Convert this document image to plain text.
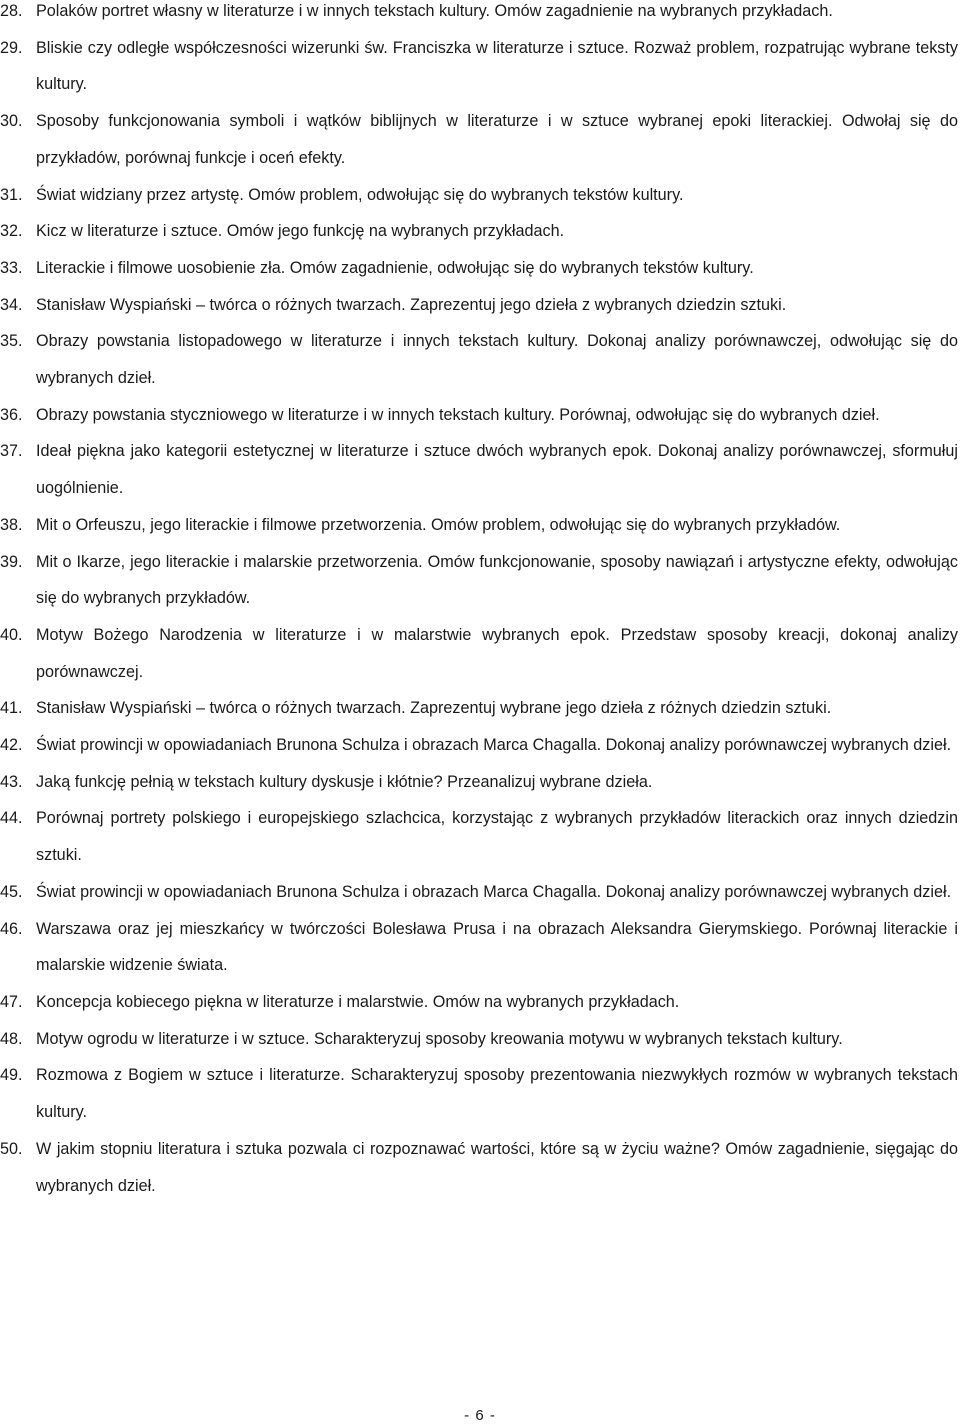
28. Polaków portret własny w literaturze i w innych tekstach kultury. Omów zagadnienie na wybranych przykładach.
29. Bliskie czy odległe współczesności wizerunki św. Franciszka w literaturze i sztuce. Rozważ problem, rozpatrując wybrane teksty kultury.
30. Sposoby funkcjonowania symboli i wątków biblijnych w literaturze i w sztuce wybranej epoki literackiej. Odwołaj się do przykładów, porównaj funkcje i oceń efekty.
31. Świat widziany przez artystę. Omów problem, odwołując się do wybranych tekstów kultury.
32. Kicz w literaturze i sztuce. Omów jego funkcję na wybranych przykładach.
33. Literackie i filmowe uosobienie zła. Omów zagadnienie, odwołując się do wybranych tekstów kultury.
34. Stanisław Wyspiański – twórca o różnych twarzach. Zaprezentuj jego dzieła z wybranych dziedzin sztuki.
35. Obrazy powstania listopadowego w literaturze i innych tekstach kultury. Dokonaj analizy porównawczej, odwołując się do wybranych dzieł.
36. Obrazy powstania styczniowego w literaturze i w innych tekstach kultury. Porównaj, odwołując się do wybranych dzieł.
37. Ideał piękna jako kategorii estetycznej w literaturze i sztuce dwóch wybranych epok. Dokonaj analizy porównawczej, sformułuj uogólnienie.
38. Mit o Orfeuszu, jego literackie i filmowe przetworzenia. Omów problem, odwołując się do wybranych przykładów.
39. Mit o Ikarze, jego literackie i malarskie przetworzenia. Omów funkcjonowanie, sposoby nawiązań i artystyczne efekty, odwołując się do wybranych przykładów.
40. Motyw Bożego Narodzenia w literaturze i w malarstwie wybranych epok. Przedstaw sposoby kreacji, dokonaj analizy porównawczej.
41. Stanisław Wyspiański – twórca o różnych twarzach. Zaprezentuj wybrane jego dzieła z różnych dziedzin sztuki.
42. Świat prowincji w opowiadaniach Brunona Schulza i obrazach Marca Chagalla. Dokonaj analizy porównawczej wybranych dzieł.
43. Jaką funkcję pełnią w tekstach kultury dyskusje i kłótnie? Przeanalizuj wybrane dzieła.
44. Porównaj portrety polskiego i europejskiego szlachcica, korzystając z wybranych przykładów literackich oraz innych dziedzin sztuki.
45. Świat prowincji w opowiadaniach Brunona Schulza i obrazach Marca Chagalla. Dokonaj analizy porównawczej wybranych dzieł.
46. Warszawa oraz jej mieszkańcy w twórczości Bolesława Prusa i na obrazach Aleksandra Gierymskiego. Porównaj literackie i malarskie widzenie świata.
47. Koncepcja kobiecego piękna w literaturze i malarstwie. Omów na wybranych przykładach.
48. Motyw ogrodu w literaturze i w sztuce. Scharakteryzuj sposoby kreowania motywu w wybranych tekstach kultury.
49. Rozmowa z Bogiem w sztuce i literaturze. Scharakteryzuj sposoby prezentowania niezwykłych rozmów w wybranych tekstach kultury.
50. W jakim stopniu literatura i sztuka pozwala ci rozpoznawać wartości, które są w życiu ważne? Omów zagadnienie, sięgając do wybranych dzieł.
- 6 -
